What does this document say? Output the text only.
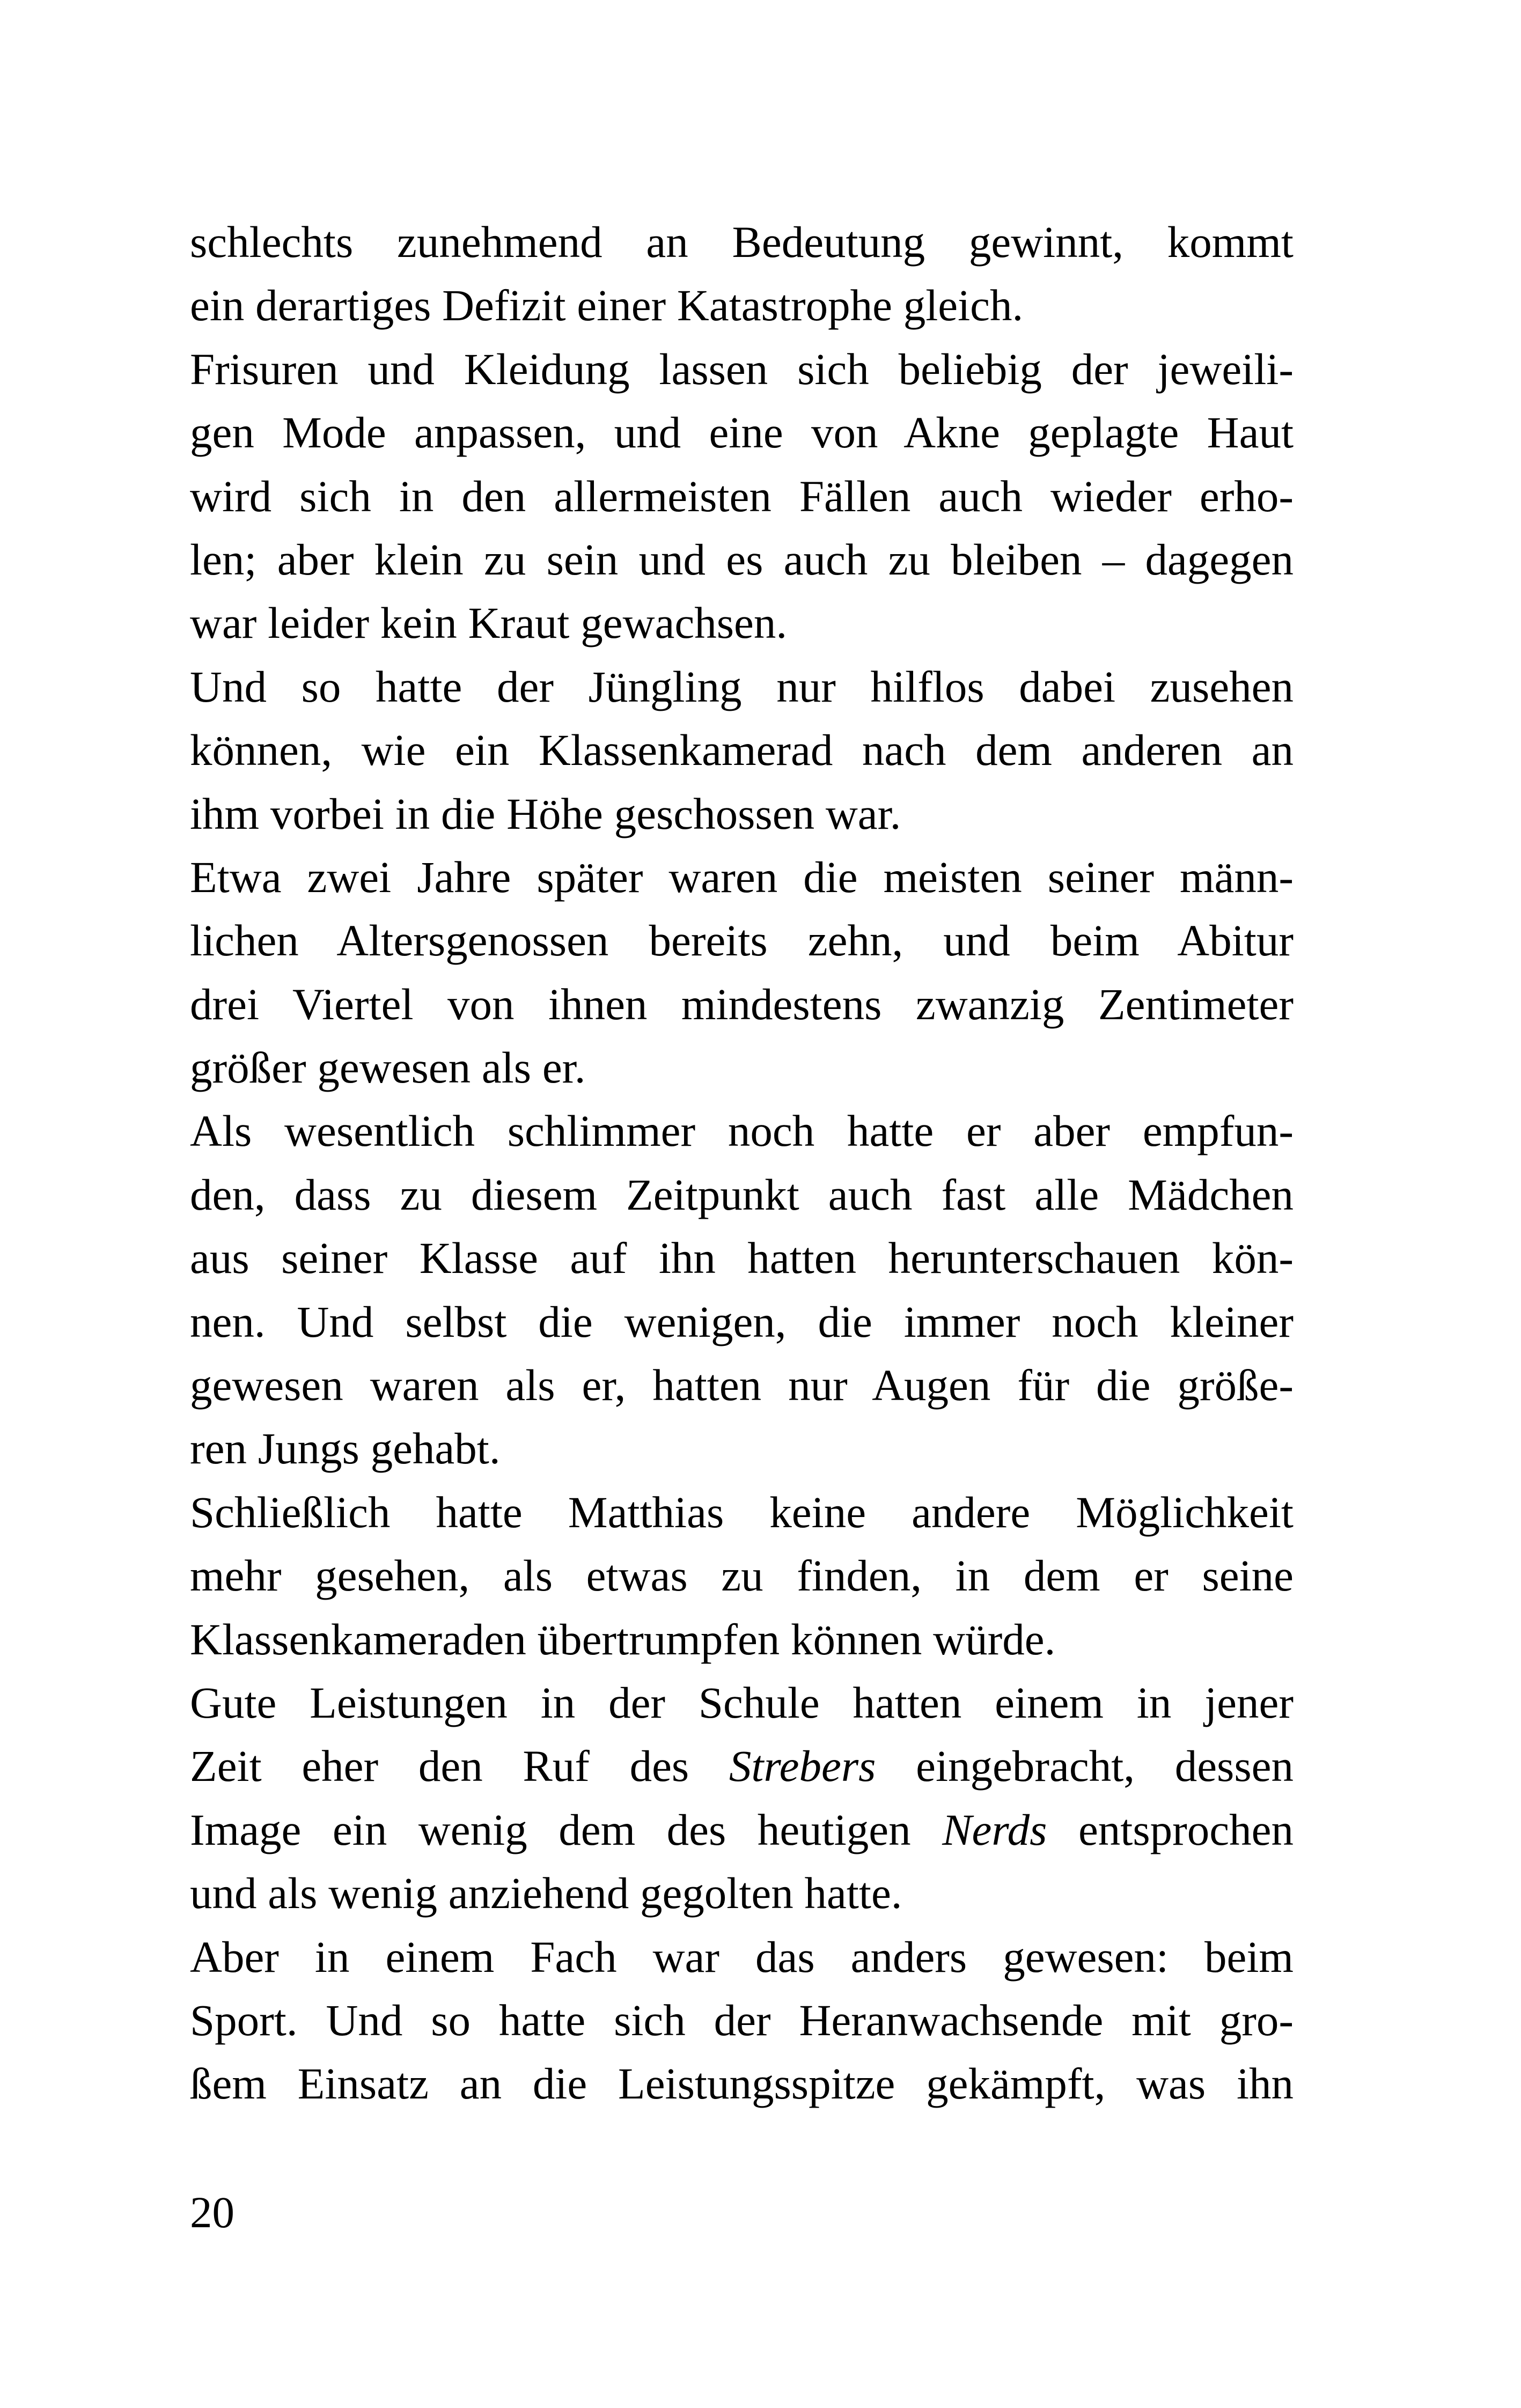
schlechts zunehmend an Bedeutung gewinnt, kommt
ein derartiges Defizit einer Katastrophe gleich.
Frisuren und Kleidung lassen sich beliebig der jeweili-
gen Mode anpassen, und eine von Akne geplagte Haut
wird sich in den allermeisten Fällen auch wieder erho-
len; aber klein zu sein und es auch zu bleiben – dagegen
war leider kein Kraut gewachsen.
Und so hatte der Jüngling nur hilflos dabei zusehen
können, wie ein Klassenkamerad nach dem anderen an
ihm vorbei in die Höhe geschossen war.
Etwa zwei Jahre später waren die meisten seiner männ-
lichen Altersgenossen bereits zehn, und beim Abitur
drei Viertel von ihnen mindestens zwanzig Zentimeter
größer gewesen als er.
Als wesentlich schlimmer noch hatte er aber empfun-
den, dass zu diesem Zeitpunkt auch fast alle Mädchen
aus seiner Klasse auf ihn hatten herunterschauen kön-
nen. Und selbst die wenigen, die immer noch kleiner
gewesen waren als er, hatten nur Augen für die größe-
ren Jungs gehabt.
Schließlich hatte Matthias keine andere Möglichkeit
mehr gesehen, als etwas zu finden, in dem er seine
Klassenkameraden übertrumpfen können würde.
Gute Leistungen in der Schule hatten einem in jener
Zeit eher den Ruf des Strebers eingebracht, dessen
Image ein wenig dem des heutigen Nerds entsprochen
und als wenig anziehend gegolten hatte.
Aber in einem Fach war das anders gewesen: beim
Sport. Und so hatte sich der Heranwachsende mit gro-
ßem Einsatz an die Leistungsspitze gekämpft, was ihn
20
